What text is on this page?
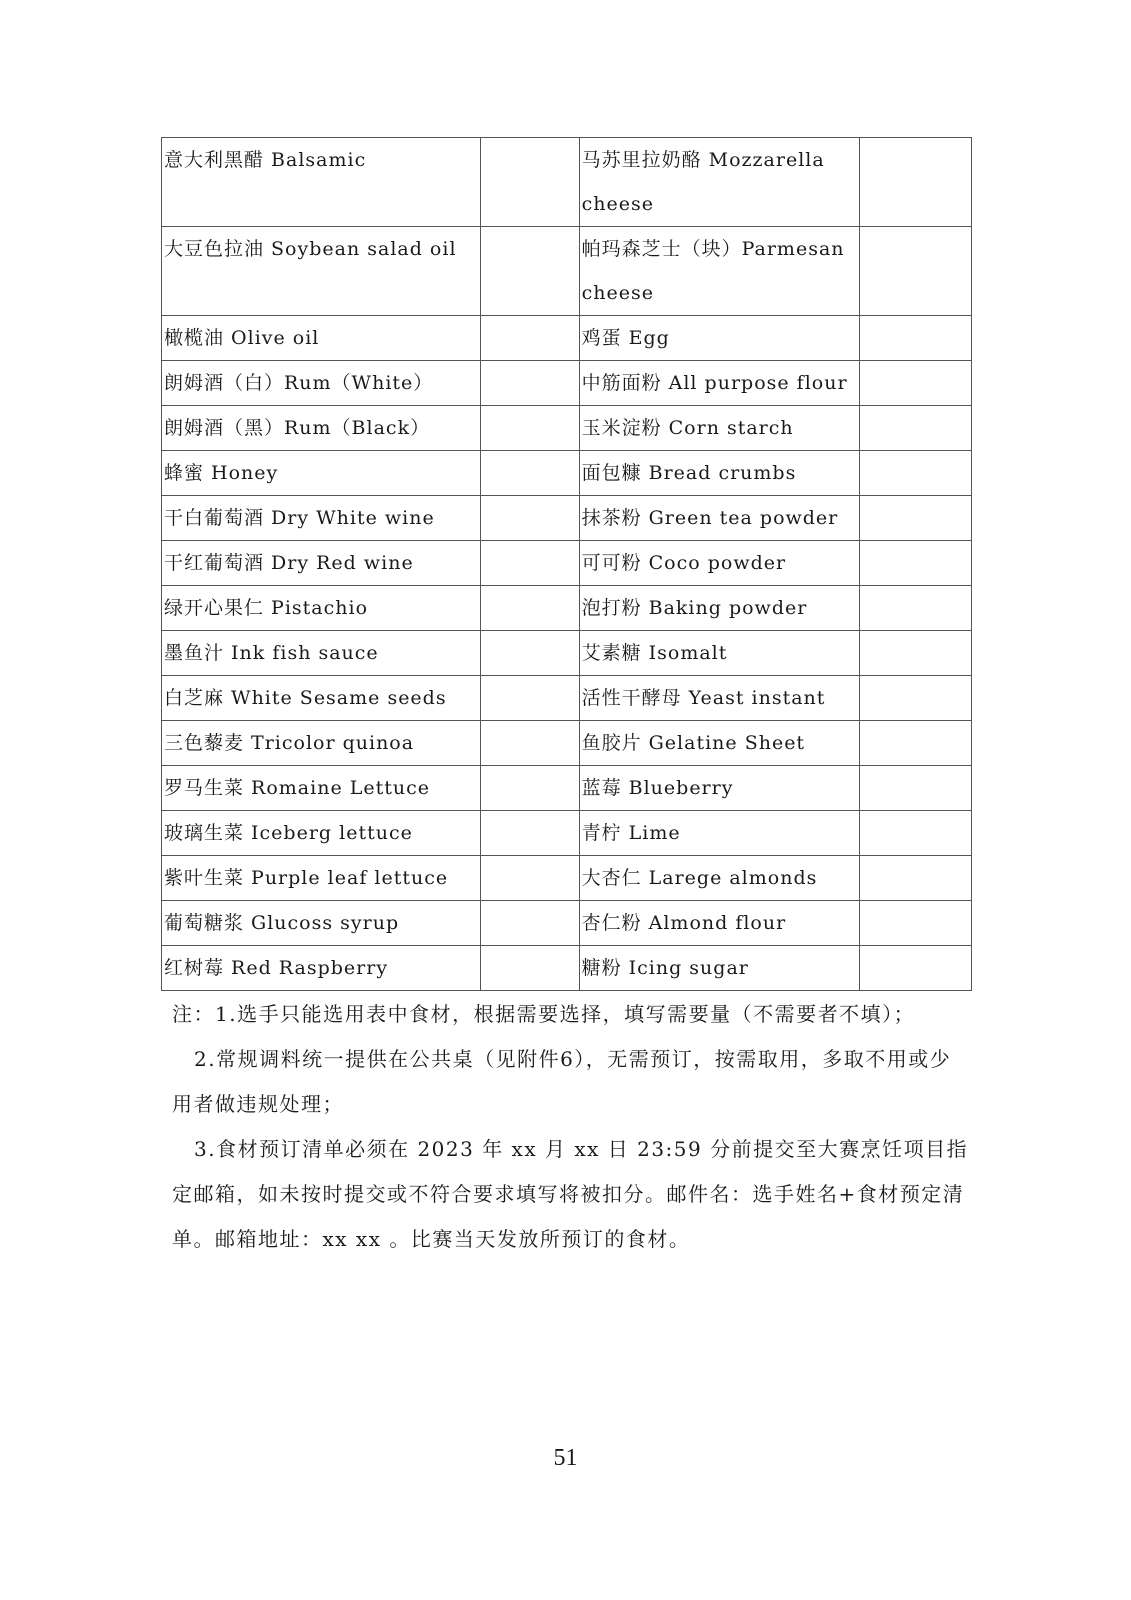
意大利黑醋 Balsamic		马苏里拉奶酪 Mozzarella cheese	
大豆色拉油 Soybean salad oil		帕玛森芝士（块）Parmesan cheese	
橄榄油 Olive oil		鸡蛋 Egg	
朗姆酒（白）Rum（White）		中筋面粉 All purpose flour	
朗姆酒（黑）Rum（Black）		玉米淀粉 Corn starch	
蜂蜜 Honey		面包糠 Bread crumbs	
干白葡萄酒 Dry White wine		抹茶粉 Green tea powder	
干红葡萄酒 Dry Red wine		可可粉 Coco powder	
绿开心果仁 Pistachio		泡打粉 Baking powder	
墨鱼汁 Ink fish sauce		艾素糖 Isomalt	
白芝麻 White Sesame seeds		活性干酵母 Yeast instant	
三色藜麦 Tricolor quinoa		鱼胶片 Gelatine Sheet	
罗马生菜 Romaine Lettuce		蓝莓 Blueberry	
玻璃生菜 Iceberg lettuce		青柠 Lime	
紫叶生菜 Purple leaf lettuce		大杏仁 Larege almonds	
葡萄糖浆 Glucoss syrup		杏仁粉 Almond flour	
红树莓 Red Raspberry		糖粉 Icing sugar	

注：1.选手只能选用表中食材，根据需要选择，填写需要量（不需要者不填）；

2.常规调料统一提供在公共桌（见附件6），无需预订，按需取用，多取不用或少用者做违规处理；

3.食材预订清单必须在 2023 年 xx 月 xx 日 23:59 分前提交至大赛烹饪项目指定邮箱，如未按时提交或不符合要求填写将被扣分。邮件名：选手姓名+食材预定清单。邮箱地址：xx xx 。比赛当天发放所预订的食材。

51
